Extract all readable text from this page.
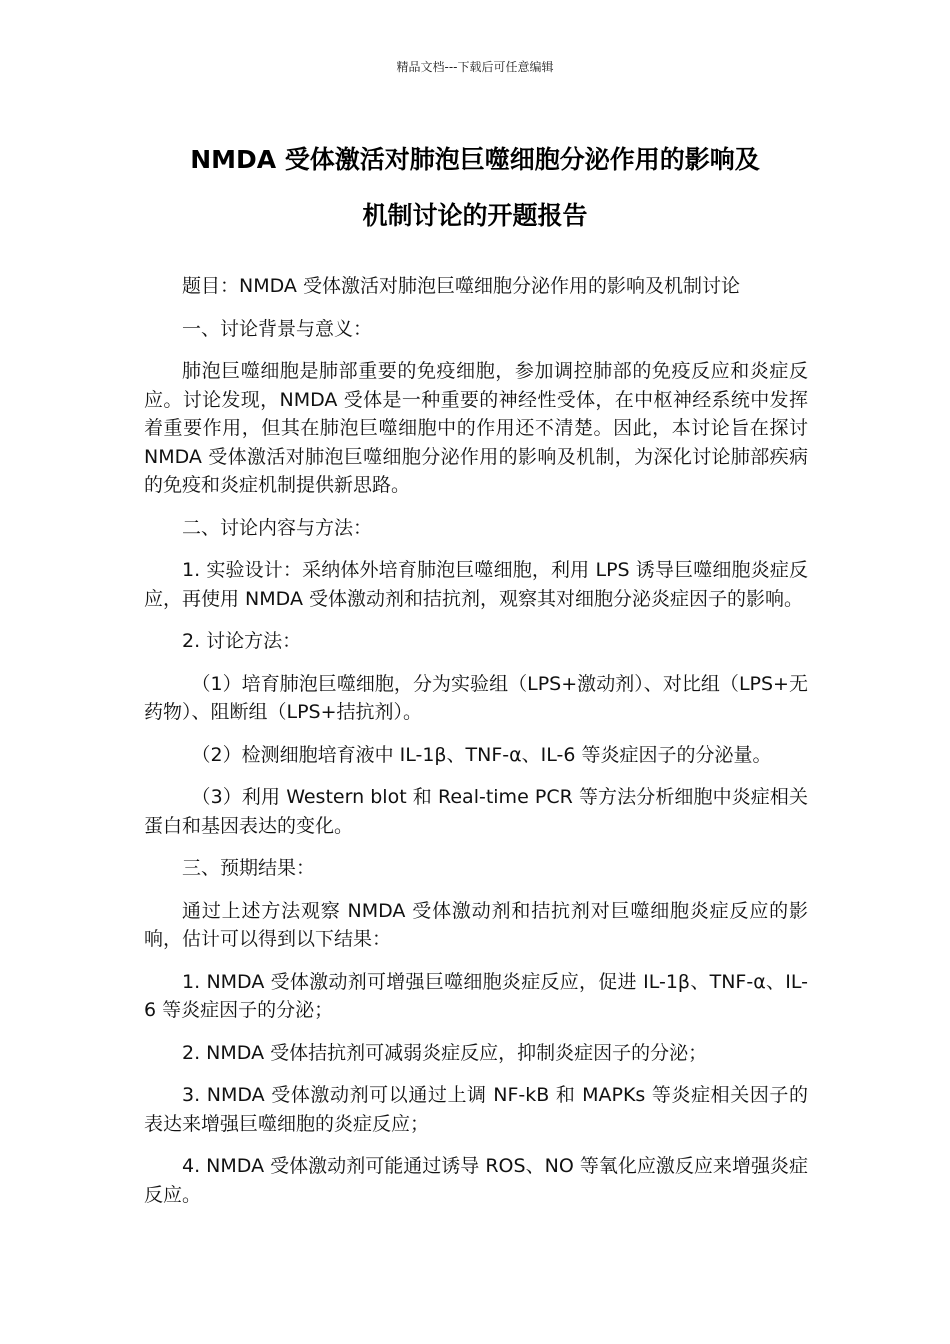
精品文档---下载后可任意编辑
NMDA 受体激活对肺泡巨噬细胞分泌作用的影响及
机制讨论的开题报告

题目：NMDA 受体激活对肺泡巨噬细胞分泌作用的影响及机制讨论

一、讨论背景与意义：

肺泡巨噬细胞是肺部重要的免疫细胞，参加调控肺部的免疫反应和炎症反应。讨论发现，NMDA 受体是一种重要的神经性受体，在中枢神经系统中发挥着重要作用，但其在肺泡巨噬细胞中的作用还不清楚。因此，本讨论旨在探讨 NMDA 受体激活对肺泡巨噬细胞分泌作用的影响及机制，为深化讨论肺部疾病的免疫和炎症机制提供新思路。

二、讨论内容与方法：

1. 实验设计：采纳体外培育肺泡巨噬细胞，利用 LPS 诱导巨噬细胞炎症反应，再使用 NMDA 受体激动剂和拮抗剂，观察其对细胞分泌炎症因子的影响。

2. 讨论方法：

（1）培育肺泡巨噬细胞，分为实验组（LPS+激动剂）、对比组（LPS+无药物）、阻断组（LPS+拮抗剂）。

（2）检测细胞培育液中 IL-1β、TNF-α、IL-6 等炎症因子的分泌量。

（3）利用 Western blot 和 Real-time PCR 等方法分析细胞中炎症相关蛋白和基因表达的变化。

三、预期结果：

通过上述方法观察 NMDA 受体激动剂和拮抗剂对巨噬细胞炎症反应的影响，估计可以得到以下结果：

1. NMDA 受体激动剂可增强巨噬细胞炎症反应，促进 IL-1β、TNF-α、IL-6 等炎症因子的分泌；

2. NMDA 受体拮抗剂可减弱炎症反应，抑制炎症因子的分泌；

3. NMDA 受体激动剂可以通过上调 NF-kB 和 MAPKs 等炎症相关因子的表达来增强巨噬细胞的炎症反应；

4. NMDA 受体激动剂可能通过诱导 ROS、NO 等氧化应激反应来增强炎症反应。
